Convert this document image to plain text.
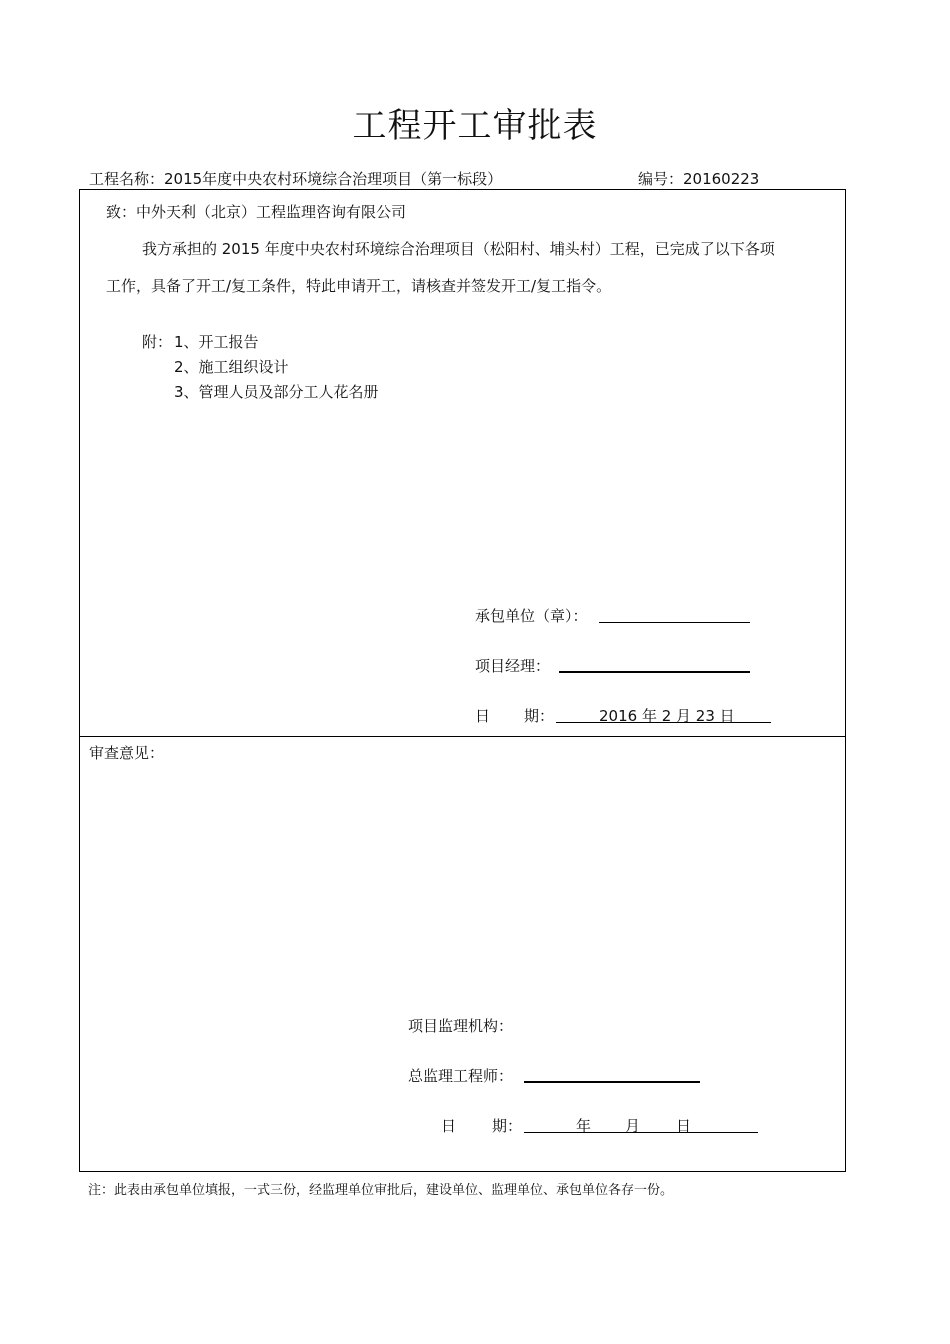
工程开工审批表
工程名称：2015年度中央农村环境综合治理项目（第一标段）	编号：20160223
致：中外天利（北京）工程监理咨询有限公司
我方承担的 2015 年度中央农村环境综合治理项目（松阳村、埔头村）工程，已完成了以下各项
工作，具备了开工/复工条件，特此申请开工，请核查并签发开工/复工指令。
附： 1、开工报告
2、施工组织设计
3、管理人员及部分工人花名册
承包单位（章）：
项目经理：
日 期：	2016 年 2 月 23 日
审查意见：
项目监理机构：
总监理工程师：
日 期：	年 月 日
注：此表由承包单位填报，一式三份，经监理单位审批后，建设单位、监理单位、承包单位各存一份。
